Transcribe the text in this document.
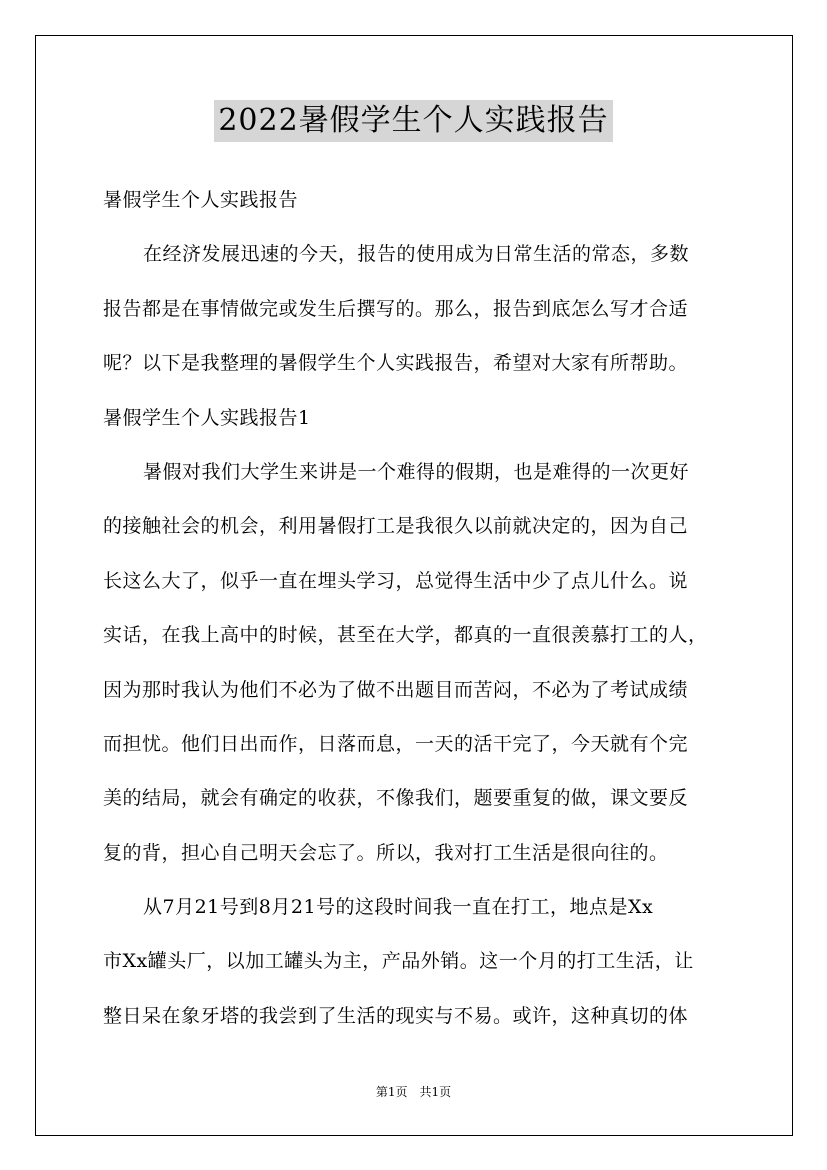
2022暑假学生个人实践报告
暑假学生个人实践报告
在经济发展迅速的今天，报告的使用成为日常生活的常态，多数
报告都是在事情做完或发生后撰写的。那么，报告到底怎么写才合适
呢？以下是我整理的暑假学生个人实践报告，希望对大家有所帮助。
暑假学生个人实践报告1
暑假对我们大学生来讲是一个难得的假期，也是难得的一次更好
的接触社会的机会，利用暑假打工是我很久以前就决定的，因为自己
长这么大了，似乎一直在埋头学习，总觉得生活中少了点儿什么。说
实话，在我上高中的时候，甚至在大学，都真的一直很羡慕打工的人，
因为那时我认为他们不必为了做不出题目而苦闷，不必为了考试成绩
而担忧。他们日出而作，日落而息，一天的活干完了，今天就有个完
美的结局，就会有确定的收获，不像我们，题要重复的做，课文要反
复的背，担心自己明天会忘了。所以，我对打工生活是很向往的。
从7月21号到8月21号的这段时间我一直在打工，地点是Xx
市Xx罐头厂，以加工罐头为主，产品外销。这一个月的打工生活，让
整日呆在象牙塔的我尝到了生活的现实与不易。或许，这种真切的体
第1页　共1页
